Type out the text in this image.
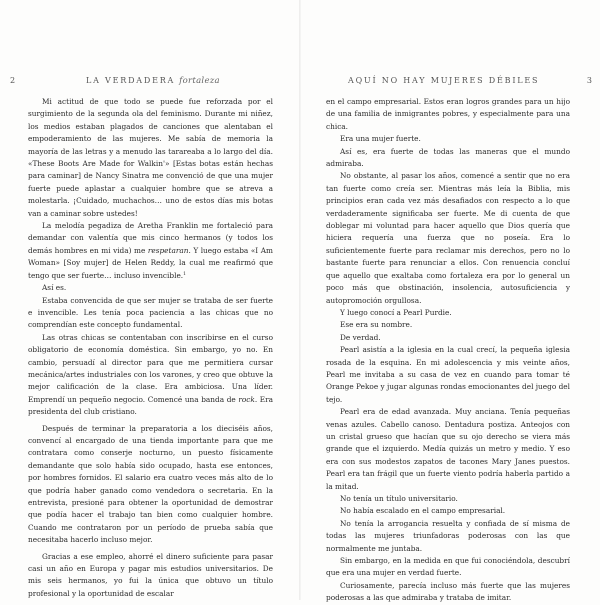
2	LA VERDADERA fortaleza

Mi actitud de que todo se puede fue reforzada por el surgimiento de la segunda ola del feminismo. Durante mi niñez, los medios estaban plagados de canciones que alentaban el empoderamiento de las mujeres. Me sabía de memoria la mayoría de las letras y a menudo las tarareaba a lo largo del día. «These Boots Are Made for Walkin'» [Estas botas están hechas para caminar] de Nancy Sinatra me convenció de que una mujer fuerte puede aplastar a cualquier hombre que se atreva a molestarla. ¡Cuidado, muchachos… uno de estos días mis botas van a caminar sobre ustedes!

La melodía pegadiza de Aretha Franklin me fortaleció para demandar con valentía que mis cinco hermanos (y todos los demás hombres en mi vida) me respetaran. Y luego estaba «I Am Woman» [Soy mujer] de Helen Reddy, la cual me reafirmó que tengo que ser fuerte… incluso invencible.$^1$

Así es.

Estaba convencida de que ser mujer se trataba de ser fuerte e invencible. Les tenía poca paciencia a las chicas que no comprendían este concepto fundamental.

Las otras chicas se contentaban con inscribirse en el curso obligatorio de economía doméstica. Sin embargo, yo no. En cambio, persuadí al director para que me permitiera cursar mecánica/artes industriales con los varones, y creo que obtuve la mejor calificación de la clase. Era ambiciosa. Una líder. Emprendí un pequeño negocio. Comencé una banda de rock. Era presidenta del club cristiano.

Después de terminar la preparatoria a los dieciséis años, convencí al encargado de una tienda importante para que me contratara como conserje nocturno, un puesto físicamente demandante que solo había sido ocupado, hasta ese entonces, por hombres fornidos. El salario era cuatro veces más alto de lo que podría haber ganado como vendedora o secretaria. En la entrevista, presioné para obtener la oportunidad de demostrar que podía hacer el trabajo tan bien como cualquier hombre. Cuando me contrataron por un período de prueba sabía que necesitaba hacerlo incluso mejor.

Gracias a ese empleo, ahorré el dinero suficiente para pasar casi un año en Europa y pagar mis estudios universitarios. De mis seis hermanos, yo fui la única que obtuvo un título profesional y la oportunidad de escalar

AQUÍ NO HAY MUJERES DÉBILES	3

en el campo empresarial. Estos eran logros grandes para un hijo de una familia de inmigrantes pobres, y especialmente para una chica.

Era una mujer fuerte.

Así es, era fuerte de todas las maneras que el mundo admiraba.

No obstante, al pasar los años, comencé a sentir que no era tan fuerte como creía ser. Mientras más leía la Biblia, mis principios eran cada vez más desafiados con respecto a lo que verdaderamente significaba ser fuerte. Me di cuenta de que doblegar mi voluntad para hacer aquello que Dios quería que hiciera requería una fuerza que no poseía. Era lo suficientemente fuerte para reclamar mis derechos, pero no lo bastante fuerte para renunciar a ellos. Con renuencia concluí que aquello que exaltaba como fortaleza era por lo general un poco más que obstinación, insolencia, autosuficiencia y autopromoción orgullosa.

Y luego conocí a Pearl Purdie.

Ese era su nombre.

De verdad.

Pearl asistía a la iglesia en la cual crecí, la pequeña iglesia rosada de la esquina. En mi adolescencia y mis veinte años, Pearl me invitaba a su casa de vez en cuando para tomar té Orange Pekoe y jugar algunas rondas emocionantes del juego del tejo.

Pearl era de edad avanzada. Muy anciana. Tenía pequeñas venas azules. Cabello canoso. Dentadura postiza. Anteojos con un cristal grueso que hacían que su ojo derecho se viera más grande que el izquierdo. Medía quizás un metro y medio. Y eso era con sus modestos zapatos de tacones Mary Janes puestos. Pearl era tan frágil que un fuerte viento podría haberla partido a la mitad.

No tenía un título universitario.

No había escalado en el campo empresarial.

No tenía la arrogancia resuelta y confiada de sí misma de todas las mujeres triunfadoras poderosas con las que normalmente me juntaba.

Sin embargo, en la medida en que fui conociéndola, descubrí que era una mujer en verdad fuerte.

Curiosamente, parecía incluso más fuerte que las mujeres poderosas a las que admiraba y trataba de imitar.
